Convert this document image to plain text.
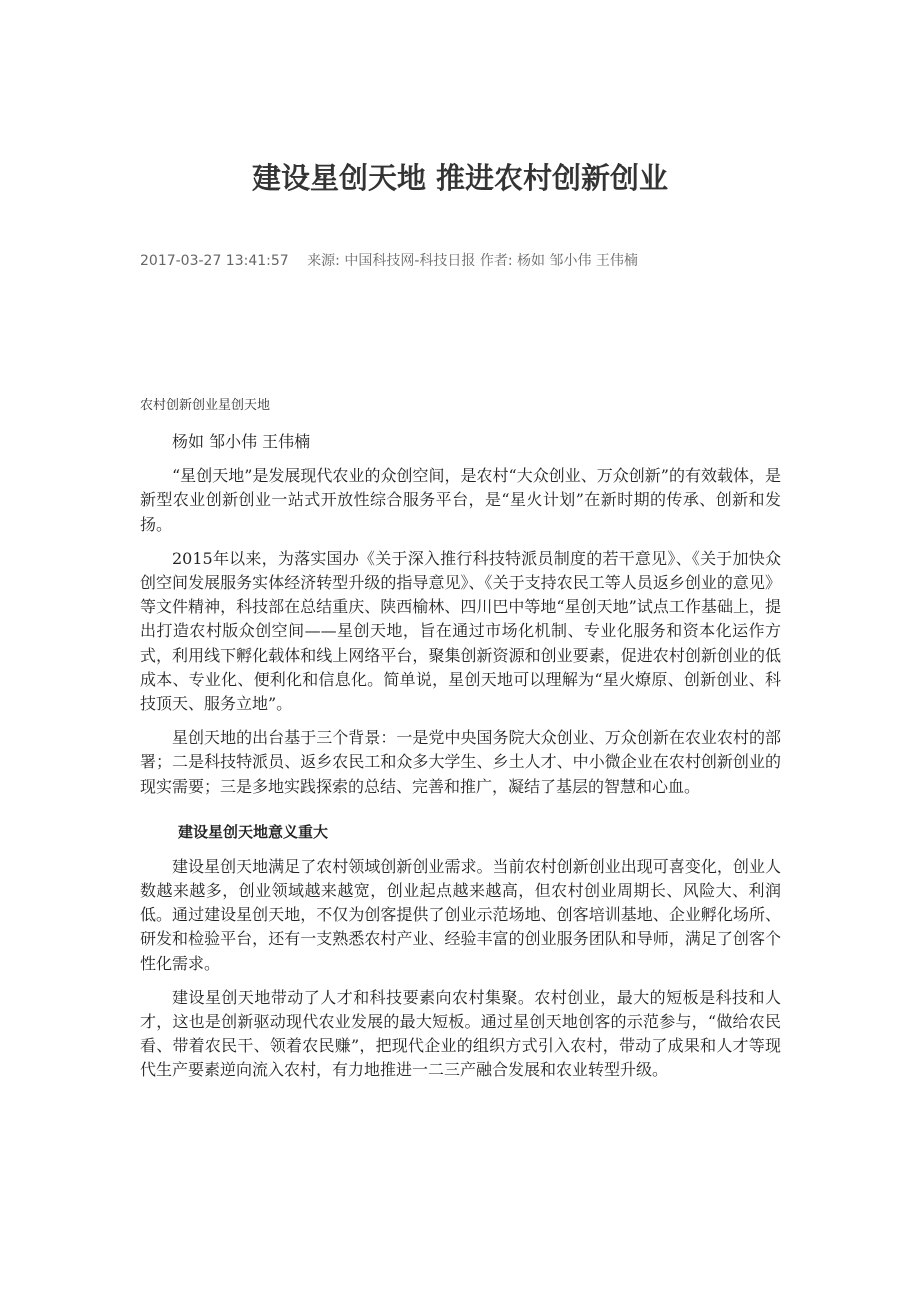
建设星创天地 推进农村创新创业
2017-03-27 13:41:57 来源: 中国科技网-科技日报 作者: 杨如 邹小伟 王伟楠
农村创新创业星创天地

杨如 邹小伟 王伟楠

“星创天地”是发展现代农业的众创空间，是农村“大众创业、万众创新”的有效载体，是新型农业创新创业一站式开放性综合服务平台，是“星火计划”在新时期的传承、创新和发扬。

2015年以来，为落实国办《关于深入推行科技特派员制度的若干意见》、《关于加快众创空间发展服务实体经济转型升级的指导意见》、《关于支持农民工等人员返乡创业的意见》等文件精神，科技部在总结重庆、陕西榆林、四川巴中等地“星创天地”试点工作基础上，提出打造农村版众创空间——星创天地，旨在通过市场化机制、专业化服务和资本化运作方式，利用线下孵化载体和线上网络平台，聚集创新资源和创业要素，促进农村创新创业的低成本、专业化、便利化和信息化。简单说，星创天地可以理解为“星火燎原、创新创业、科技顶天、服务立地”。

星创天地的出台基于三个背景：一是党中央国务院大众创业、万众创新在农业农村的部署；二是科技特派员、返乡农民工和众多大学生、乡土人才、中小微企业在农村创新创业的现实需要；三是多地实践探索的总结、完善和推广，凝结了基层的智慧和心血。

建设星创天地意义重大

建设星创天地满足了农村领域创新创业需求。当前农村创新创业出现可喜变化，创业人数越来越多，创业领域越来越宽，创业起点越来越高，但农村创业周期长、风险大、利润低。通过建设星创天地，不仅为创客提供了创业示范场地、创客培训基地、企业孵化场所、研发和检验平台，还有一支熟悉农村产业、经验丰富的创业服务团队和导师，满足了创客个性化需求。

建设星创天地带动了人才和科技要素向农村集聚。农村创业，最大的短板是科技和人才，这也是创新驱动现代农业发展的最大短板。通过星创天地创客的示范参与，“做给农民看、带着农民干、领着农民赚”，把现代企业的组织方式引入农村，带动了成果和人才等现代生产要素逆向流入农村，有力地推进一二三产融合发展和农业转型升级。
